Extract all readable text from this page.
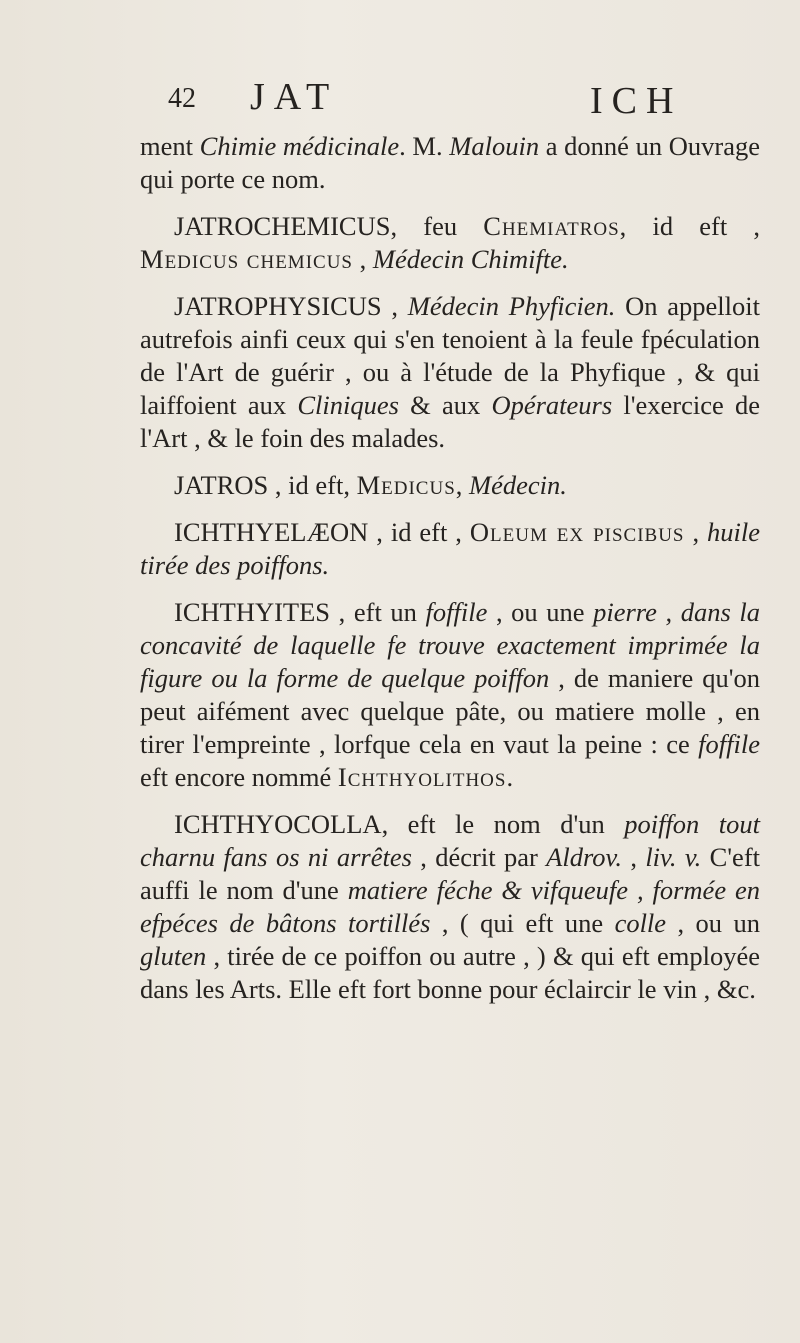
42 JAT	ICH

ment Chimie médicinale. M. Malouin a donné un Ouvrage qui porte ce nom.

JATROCHEMICUS, feu Chemiatros, id eft , Medicus chemicus , Médecin Chimifte.

JATROPHYSICUS , Médecin Phyficien. On appelloit autrefois ainfi ceux qui s'en tenoient à la feule fpéculation de l'Art de guérir , ou à l'étude de la Phyfique , & qui laiffoient aux Cliniques & aux Opérateurs l'exercice de l'Art , & le foin des malades.

JATROS , id eft, Medicus, Médecin.

ICHTHYELÆON , id eft , Oleum ex piscibus , huile tirée des poiffons.

ICHTHYITES , eft un foffile , ou une pierre , dans la concavité de laquelle fe trouve exactement imprimée la figure ou la forme de quelque poiffon , de maniere qu'on peut aifément avec quelque pâte, ou matiere molle , en tirer l'empreinte , lorfque cela en vaut la peine : ce foffile eft encore nommé Ichthyolithos.

ICHTHYOCOLLA, eft le nom d'un poiffon tout charnu fans os ni arrêtes , décrit par Aldrov. , liv. v. C'eft auffi le nom d'une matiere féche & vifqueufe , formée en efpéces de bâtons tortillés , ( qui eft une colle , ou un gluten , tirée de ce poiffon ou autre , ) & qui eft employée dans les Arts. Elle eft fort bonne pour éclaircir le vin , &c.
